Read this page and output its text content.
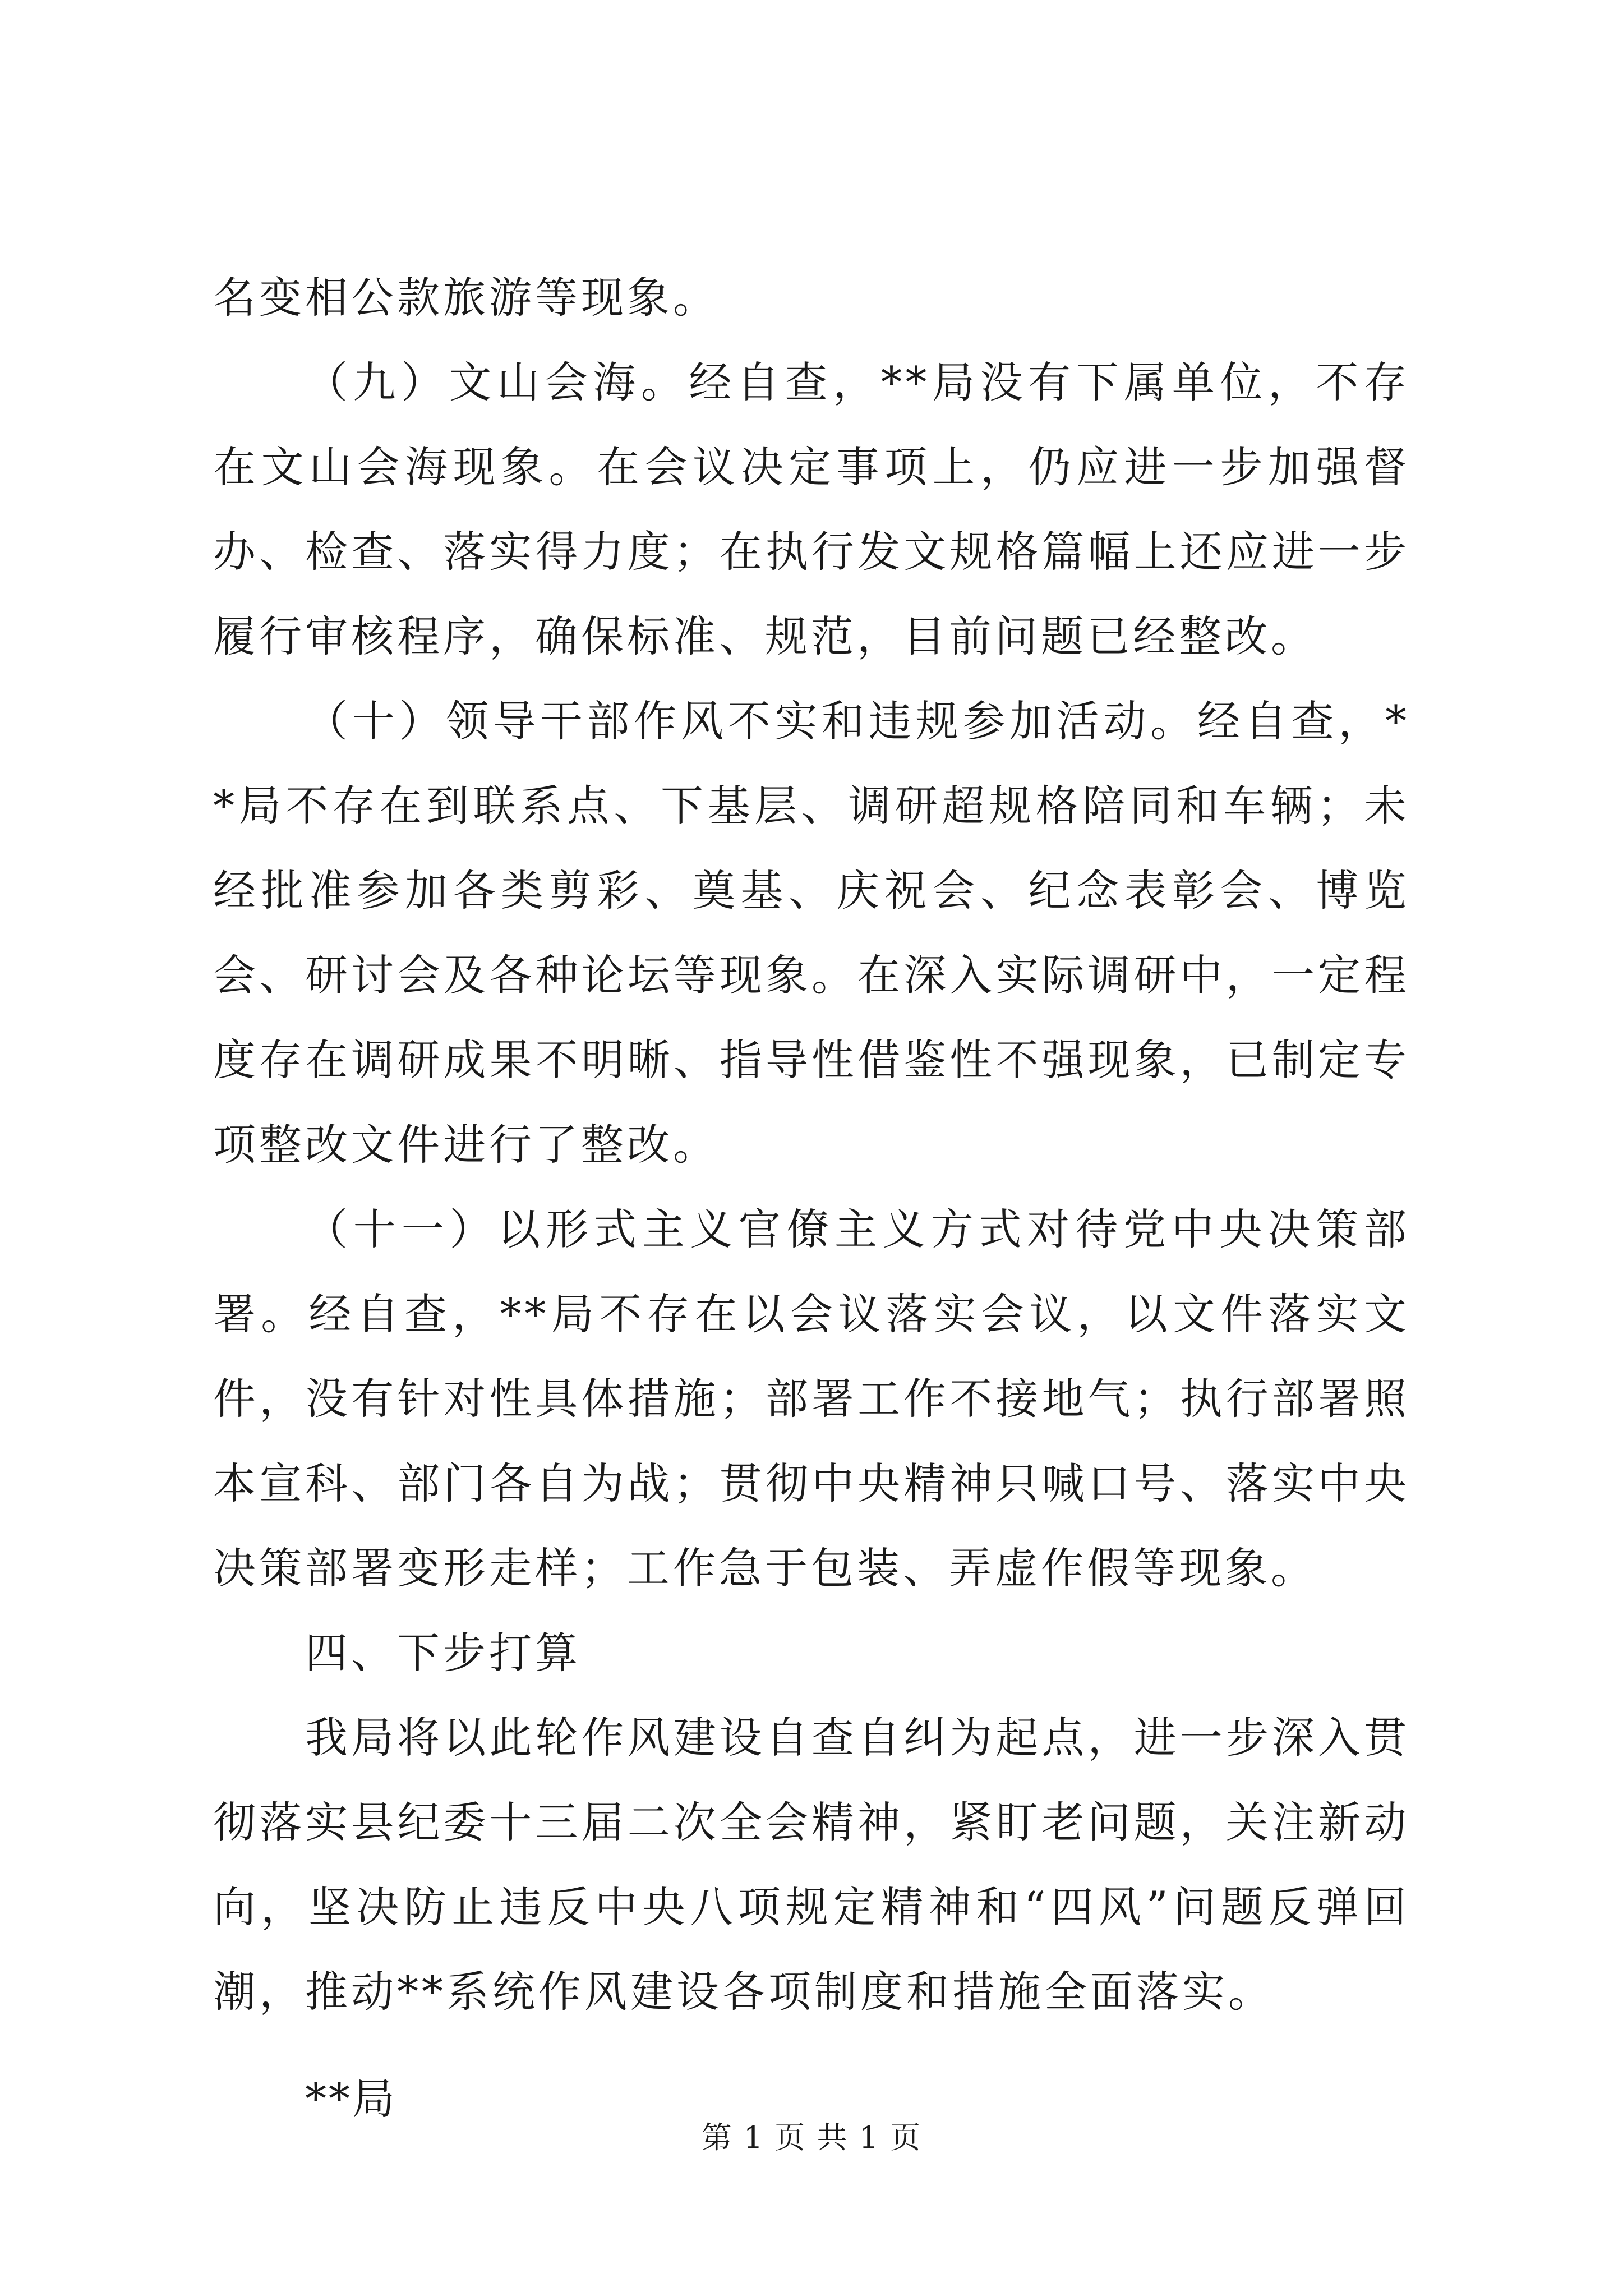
名变相公款旅游等现象。

（九）文山会海。经自查，**局没有下属单位，不存在文山会海现象。在会议决定事项上，仍应进一步加强督办、检查、落实得力度；在执行发文规格篇幅上还应进一步履行审核程序，确保标准、规范，目前问题已经整改。

（十）领导干部作风不实和违规参加活动。经自查，**局不存在到联系点、下基层、调研超规格陪同和车辆；未经批准参加各类剪彩、奠基、庆祝会、纪念表彰会、博览会、研讨会及各种论坛等现象。在深入实际调研中，一定程度存在调研成果不明晰、指导性借鉴性不强现象，已制定专项整改文件进行了整改。

（十一）以形式主义官僚主义方式对待党中央决策部署。经自查，**局不存在以会议落实会议，以文件落实文件，没有针对性具体措施；部署工作不接地气；执行部署照本宣科、部门各自为战；贯彻中央精神只喊口号、落实中央决策部署变形走样；工作急于包装、弄虚作假等现象。

四、下步打算

我局将以此轮作风建设自查自纠为起点，进一步深入贯彻落实县纪委十三届二次全会精神，紧盯老问题，关注新动向，坚决防止违反中央八项规定精神和“四风”问题反弹回潮，推动**系统作风建设各项制度和措施全面落实。

**局
第 1 页 共 1 页
